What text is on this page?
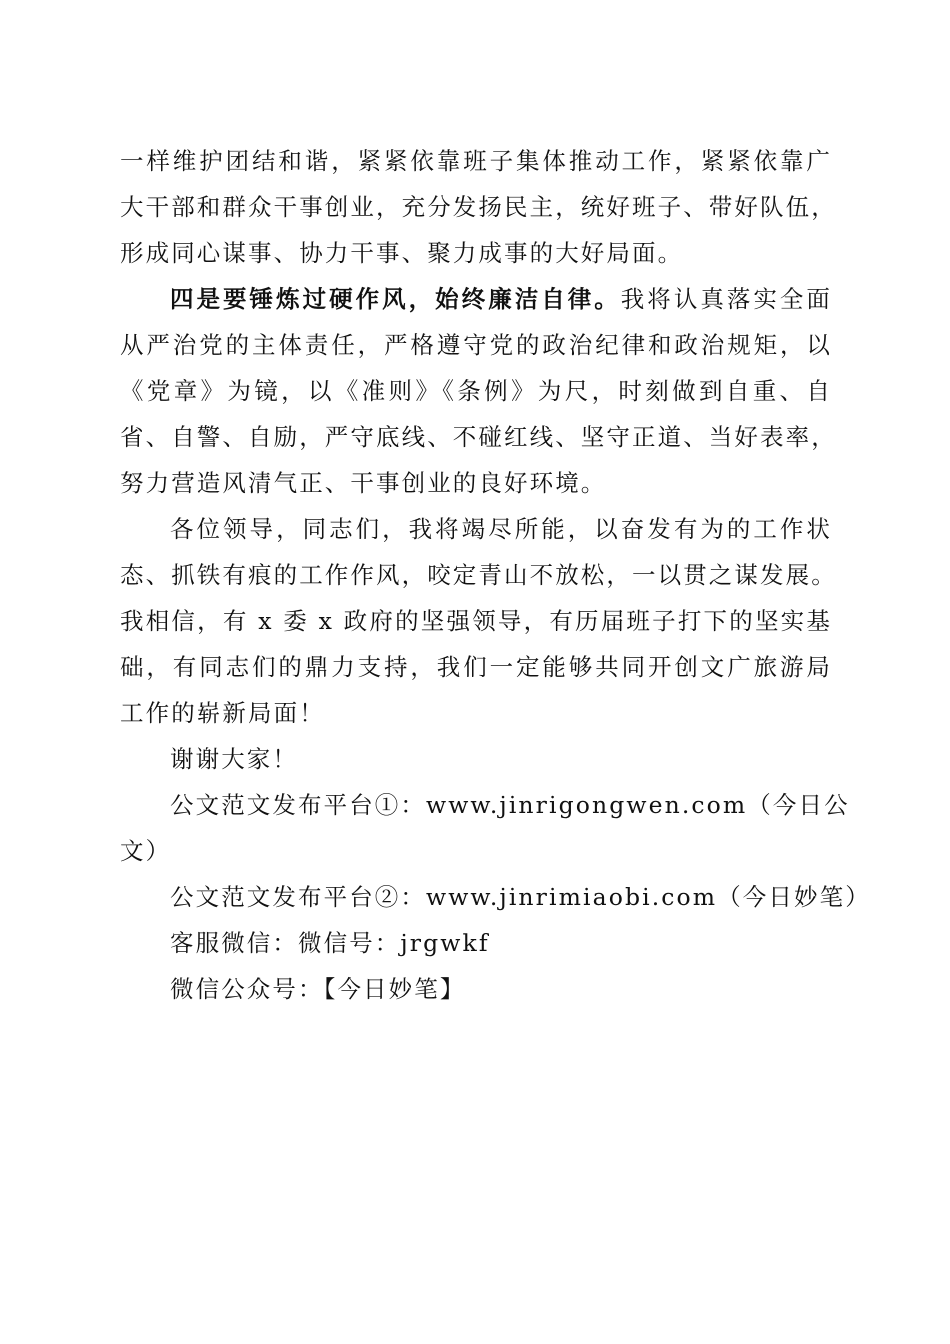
一样维护团结和谐，紧紧依靠班子集体推动工作，紧紧依靠广
大干部和群众干事创业，充分发扬民主，统好班子、带好队伍，
形成同心谋事、协力干事、聚力成事的大好局面。
四是要锤炼过硬作风，始终廉洁自律。我将认真落实全面
从严治党的主体责任，严格遵守党的政治纪律和政治规矩，以
《党章》为镜，以《准则》《条例》为尺，时刻做到自重、自
省、自警、自励，严守底线、不碰红线、坚守正道、当好表率，
努力营造风清气正、干事创业的良好环境。
各位领导，同志们，我将竭尽所能，以奋发有为的工作状
态、抓铁有痕的工作作风，咬定青山不放松，一以贯之谋发展。
我相信，有 x 委 x 政府的坚强领导，有历届班子打下的坚实基
础，有同志们的鼎力支持，我们一定能够共同开创文广旅游局
工作的崭新局面！
谢谢大家！
公文范文发布平台①：www.jinrigongwen.com（今日公
文）
公文范文发布平台②：www.jinrimiaobi.com（今日妙笔）
客服微信：微信号：jrgwkf
微信公众号：【今日妙笔】
